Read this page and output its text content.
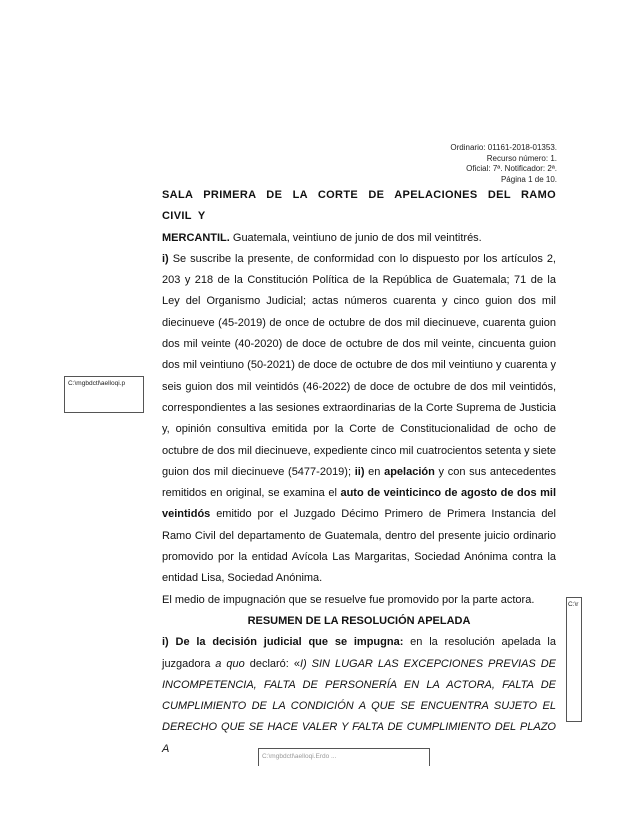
Ordinario: 01161-2018-01353.
Recurso número: 1.
Oficial: 7ª. Notificador: 2ª.
Página 1 de 10.
C:\mgbdctl\aelloqi.p
C:\r
C:\mgbdctl\aelloqi.Erdo ...

SALA PRIMERA DE LA CORTE DE APELACIONES DEL RAMO CIVIL Y

MERCANTIL. Guatemala, veintiuno de junio de dos mil veintitrés.

i) Se suscribe la presente, de conformidad con lo dispuesto por los artículos 2, 203 y 218 de la Constitución Política de la República de Guatemala; 71 de la Ley del Organismo Judicial; actas números cuarenta y cinco guion dos mil diecinueve (45-2019) de once de octubre de dos mil diecinueve, cuarenta guion dos mil veinte (40-2020) de doce de octubre de dos mil veinte, cincuenta guion dos mil veintiuno (50-2021) de doce de octubre de dos mil veintiuno y cuarenta y seis guion dos mil veintidós (46-2022) de doce de octubre de dos mil veintidós, correspondientes a las sesiones extraordinarias de la Corte Suprema de Justicia y, opinión consultiva emitida por la Corte de Constitucionalidad de ocho de octubre de dos mil diecinueve, expediente cinco mil cuatrocientos setenta y siete guion dos mil diecinueve (5477-2019); ii) en apelación y con sus antecedentes remitidos en original, se examina el auto de veinticinco de agosto de dos mil veintidós emitido por el Juzgado Décimo Primero de Primera Instancia del Ramo Civil del departamento de Guatemala, dentro del presente juicio ordinario promovido por la entidad Avícola Las Margaritas, Sociedad Anónima contra la entidad Lisa, Sociedad Anónima.

El medio de impugnación que se resuelve fue promovido por la parte actora.

RESUMEN DE LA RESOLUCIÓN APELADA

i) De la decisión judicial que se impugna: en la resolución apelada la juzgadora a quo declaró: «I) SIN LUGAR LAS EXCEPCIONES PREVIAS DE INCOMPETENCIA, FALTA DE PERSONERÍA EN LA ACTORA, FALTA DE CUMPLIMIENTO DE LA CONDICIÓN A QUE SE ENCUENTRA SUJETO EL DERECHO QUE SE HACE VALER Y FALTA DE CUMPLIMIENTO DEL PLAZO A
